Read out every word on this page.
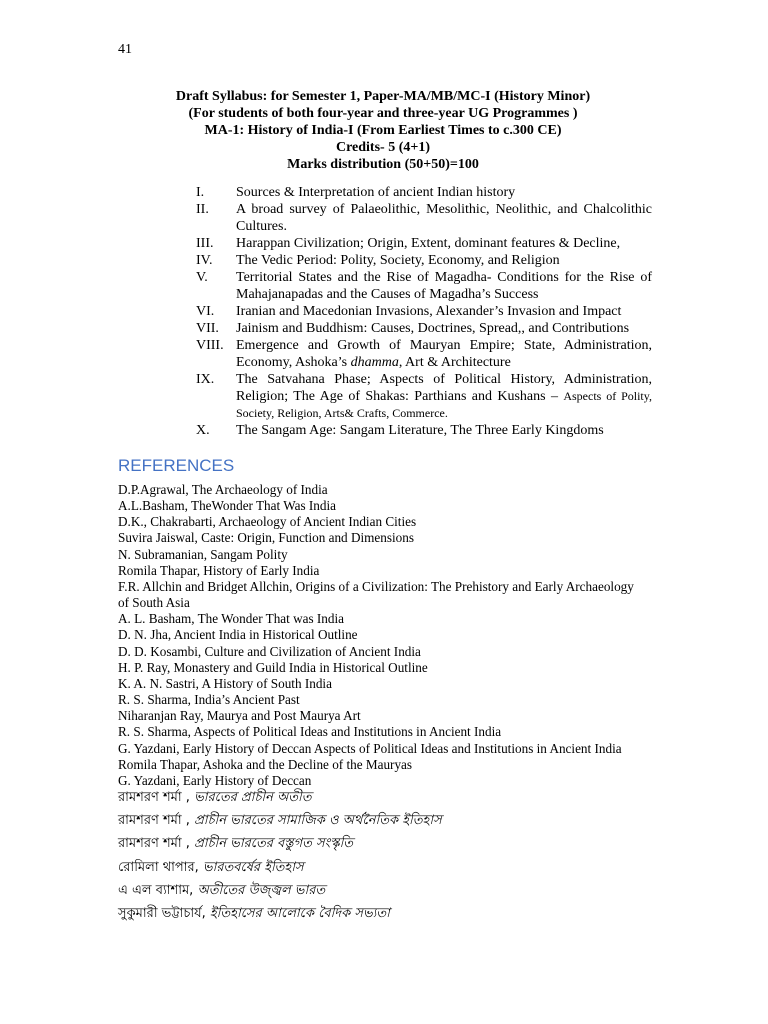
41
Draft Syllabus: for Semester 1, Paper-MA/MB/MC-I (History Minor)
(For students of both four-year and three-year UG Programmes )
MA-1: History of India-I (From Earliest Times to c.300 CE)
Credits- 5 (4+1)
Marks distribution (50+50)=100
I.	Sources & Interpretation of ancient Indian history
II.	A broad survey of Palaeolithic, Mesolithic, Neolithic, and Chalcolithic Cultures.
III.	Harappan Civilization; Origin, Extent, dominant features & Decline,
IV.	The Vedic Period: Polity, Society, Economy, and Religion
V.	Territorial States and the Rise of Magadha- Conditions for the Rise of Mahajanapadas and the Causes of Magadha’s Success
VI.	Iranian and Macedonian Invasions, Alexander’s Invasion and Impact
VII.	Jainism and Buddhism: Causes, Doctrines, Spread,, and Contributions
VIII. Emergence and Growth of Mauryan Empire; State, Administration, Economy, Ashoka’s dhamma, Art & Architecture
IX.	The Satvahana Phase; Aspects of Political History, Administration, Religion; The Age of Shakas: Parthians and Kushans – Aspects of Polity, Society, Religion, Arts& Crafts, Commerce.
X.	The Sangam Age: Sangam Literature, The Three Early Kingdoms
REFERENCES
D.P.Agrawal, The Archaeology of India
A.L.Basham, TheWonder That Was India
D.K., Chakrabarti, Archaeology of Ancient Indian Cities
Suvira Jaiswal, Caste: Origin, Function and Dimensions
N. Subramanian, Sangam Polity
Romila Thapar, History of Early India
F.R. Allchin and Bridget Allchin, Origins of a Civilization: The Prehistory and Early Archaeology of South Asia
A. L. Basham, The Wonder That was India
D. N. Jha, Ancient India in Historical Outline
D. D. Kosambi, Culture and Civilization of Ancient India
H. P. Ray, Monastery and Guild India in Historical Outline
K. A. N. Sastri, A History of South India
R. S. Sharma, India’s Ancient Past
Niharanjan Ray, Maurya and Post Maurya Art
R. S. Sharma, Aspects of Political Ideas and Institutions in Ancient India
G. Yazdani, Early History of Deccan Aspects of Political Ideas and Institutions in Ancient India
Romila Thapar, Ashoka and the Decline of the Mauryas
G. Yazdani, Early History of Deccan
রামশরণ শর্মা , ভারতের প্রাচীন অতীত
রামশরণ শর্মা , প্রাচীন ভারতের সামাজিক ও অর্থনৈতিক ইতিহাস
রামশরণ শর্মা , প্রাচীন ভারতের বস্তুগত সংস্কৃতি
রোমিলা থাপার, ভারতবর্ষের ইতিহাস
এ এল ব্যাশাম, অতীতের উজ্জ্বল ভারত
সুকুমারী ভট্টাচার্য, ইতিহাসের আলোকে বৈদিক সভ্যতা
